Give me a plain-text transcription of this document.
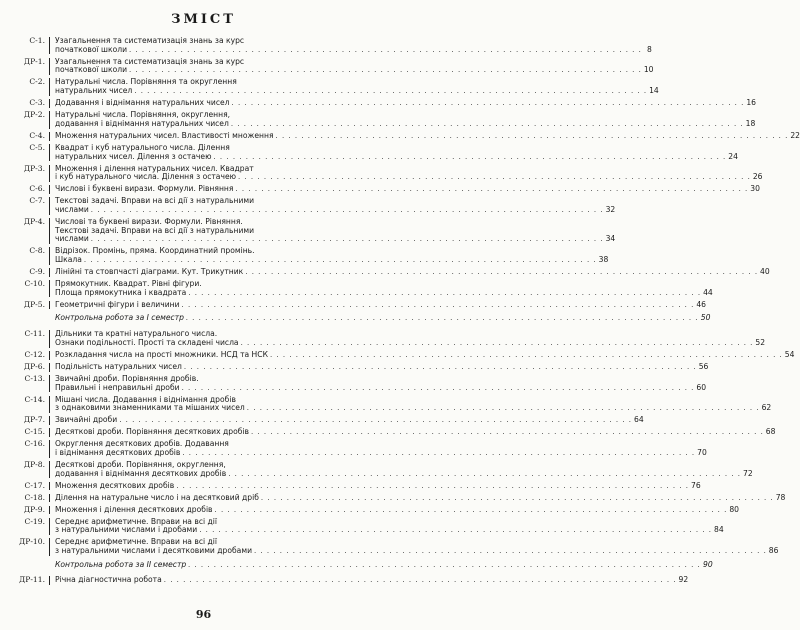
ЗМІСТ
С-1. Узагальнення та систематизація знань за курс
початкової школи . . . . . . . . . . . . . . . . . . . . . . . . . . . . . . . . . . . . . . . . . . . . . . . . . . . . . . . . . . . . . . . . . . . . . . . . . . . . . . . . 8
ДР-1. Узагальнення та систематизація знань за курс
початкової школи . . . . . . . . . . . . . . . . . . . . . . . . . . . . . . . . . . . . . . . . . . . . . . . . . . . . . . . . . . . . . . . . . . . . . . . . . . . . . . . . 10
С-2. Натуральні числа. Порівняння та округлення
натуральних чисел . . . . . . . . . . . . . . . . . . . . . . . . . . . . . . . . . . . . . . . . . . . . . . . . . . . . . . . . . . . . . . . . . . . . . . . . . . . . . . . . 14
С-3. Додавання і віднімання натуральних чисел . . . . . . . . . . . . . . . . . . . . . . . . . . . . . . . . . . . . . . . . . . . . . . . . . . . . . . . . . . . . . . . . . . . . . . . . . . . . . . . . 16
ДР-2. Натуральні числа. Порівняння, округлення,
додавання і віднімання натуральних чисел . . . . . . . . . . . . . . . . . . . . . . . . . . . . . . . . . . . . . . . . . . . . . . . . . . . . . . . . . . . . . . . . . . . . . . . . . . . . . . . . 18
С-4. Множення натуральних чисел. Властивості множення . . . . . . . . . . . . . . . . . . . . . . . . . . . . . . . . . . . . . . . . . . . . . . . . . . . . . . . . . . . . . . . . . . . . . . . . . . . . . . . . 22
С-5. Квадрат і куб натурального числа. Ділення
натуральних чисел. Ділення з остачею . . . . . . . . . . . . . . . . . . . . . . . . . . . . . . . . . . . . . . . . . . . . . . . . . . . . . . . . . . . . . . . . . . . . . . . . . . . . . . . . 24
ДР-3. Множення і ділення натуральних чисел. Квадрат
і куб натурального числа. Ділення з остачею . . . . . . . . . . . . . . . . . . . . . . . . . . . . . . . . . . . . . . . . . . . . . . . . . . . . . . . . . . . . . . . . . . . . . . . . . . . . . . . . 26
С-6. Числові і буквені вирази. Формули. Рівняння . . . . . . . . . . . . . . . . . . . . . . . . . . . . . . . . . . . . . . . . . . . . . . . . . . . . . . . . . . . . . . . . . . . . . . . . . . . . . . . . 30
С-7. Текстові задачі. Вправи на всі дії з натуральними
числами . . . . . . . . . . . . . . . . . . . . . . . . . . . . . . . . . . . . . . . . . . . . . . . . . . . . . . . . . . . . . . . . . . . . . . . . . . . . . . . . 32
ДР-4. Числові та буквені вирази. Формули. Рівняння.
Текстові задачі. Вправи на всі дії з натуральними
числами . . . . . . . . . . . . . . . . . . . . . . . . . . . . . . . . . . . . . . . . . . . . . . . . . . . . . . . . . . . . . . . . . . . . . . . . . . . . . . . . 34
С-8. Відрізок. Промінь, пряма. Координатний промінь.
Шкала . . . . . . . . . . . . . . . . . . . . . . . . . . . . . . . . . . . . . . . . . . . . . . . . . . . . . . . . . . . . . . . . . . . . . . . . . . . . . . . . 38
С-9. Лінійні та стовпчасті діаграми. Кут. Трикутник . . . . . . . . . . . . . . . . . . . . . . . . . . . . . . . . . . . . . . . . . . . . . . . . . . . . . . . . . . . . . . . . . . . . . . . . . . . . . . . . 40
С-10. Прямокутник. Квадрат. Рівні фігури.
Площа прямокутника і квадрата . . . . . . . . . . . . . . . . . . . . . . . . . . . . . . . . . . . . . . . . . . . . . . . . . . . . . . . . . . . . . . . . . . . . . . . . . . . . . . . . 44
ДР-5. Геометричні фігури і величини . . . . . . . . . . . . . . . . . . . . . . . . . . . . . . . . . . . . . . . . . . . . . . . . . . . . . . . . . . . . . . . . . . . . . . . . . . . . . . . . 46
Контрольна робота за I семестр . . . . . . . . . . . . . . . . . . . . . . . . . . . . . . . . . . . . . . . . . . . . . . . . . . . . . . . . . . . . . . . . . . . . . . . . . . . . . . . . 50
С-11. Дільники та кратні натурального числа.
Ознаки подільності. Прості та складені числа . . . . . . . . . . . . . . . . . . . . . . . . . . . . . . . . . . . . . . . . . . . . . . . . . . . . . . . . . . . . . . . . . . . . . . . . . . . . . . . . 52
С-12. Розкладання числа на прості множники. НСД та НСК . . . . . . . . . . . . . . . . . . . . . . . . . . . . . . . . . . . . . . . . . . . . . . . . . . . . . . . . . . . . . . . . . . . . . . . . . . . . . . . . 54
ДР-6. Подільність натуральних чисел . . . . . . . . . . . . . . . . . . . . . . . . . . . . . . . . . . . . . . . . . . . . . . . . . . . . . . . . . . . . . . . . . . . . . . . . . . . . . . . . 56
С-13. Звичайні дроби. Порівняння дробів.
Правильні і неправильні дроби . . . . . . . . . . . . . . . . . . . . . . . . . . . . . . . . . . . . . . . . . . . . . . . . . . . . . . . . . . . . . . . . . . . . . . . . . . . . . . . . 60
С-14. Мішані числа. Додавання і віднімання дробів
з однаковими знаменниками та мішаних чисел . . . . . . . . . . . . . . . . . . . . . . . . . . . . . . . . . . . . . . . . . . . . . . . . . . . . . . . . . . . . . . . . . . . . . . . . . . . . . . . . 62
ДР-7. Звичайні дроби . . . . . . . . . . . . . . . . . . . . . . . . . . . . . . . . . . . . . . . . . . . . . . . . . . . . . . . . . . . . . . . . . . . . . . . . . . . . . . . . 64
С-15. Десяткові дроби. Порівняння десяткових дробів . . . . . . . . . . . . . . . . . . . . . . . . . . . . . . . . . . . . . . . . . . . . . . . . . . . . . . . . . . . . . . . . . . . . . . . . . . . . . . . . 68
С-16. Округлення десяткових дробів. Додавання
і віднімання десяткових дробів . . . . . . . . . . . . . . . . . . . . . . . . . . . . . . . . . . . . . . . . . . . . . . . . . . . . . . . . . . . . . . . . . . . . . . . . . . . . . . . . 70
ДР-8. Десяткові дроби. Порівняння, округлення,
додавання і віднімання десяткових дробів . . . . . . . . . . . . . . . . . . . . . . . . . . . . . . . . . . . . . . . . . . . . . . . . . . . . . . . . . . . . . . . . . . . . . . . . . . . . . . . . 72
С-17. Множення десяткових дробів . . . . . . . . . . . . . . . . . . . . . . . . . . . . . . . . . . . . . . . . . . . . . . . . . . . . . . . . . . . . . . . . . . . . . . . . . . . . . . . . 76
С-18. Ділення на натуральне число і на десятковий дріб . . . . . . . . . . . . . . . . . . . . . . . . . . . . . . . . . . . . . . . . . . . . . . . . . . . . . . . . . . . . . . . . . . . . . . . . . . . . . . . . 78
ДР-9. Множення і ділення десяткових дробів . . . . . . . . . . . . . . . . . . . . . . . . . . . . . . . . . . . . . . . . . . . . . . . . . . . . . . . . . . . . . . . . . . . . . . . . . . . . . . . . 80
С-19. Середнє арифметичне. Вправи на всі дії
з натуральними числами і дробами . . . . . . . . . . . . . . . . . . . . . . . . . . . . . . . . . . . . . . . . . . . . . . . . . . . . . . . . . . . . . . . . . . . . . . . . . . . . . . . . 84
ДР-10. Середнє арифметичне. Вправи на всі дії
з натуральними числами і десятковими дробами . . . . . . . . . . . . . . . . . . . . . . . . . . . . . . . . . . . . . . . . . . . . . . . . . . . . . . . . . . . . . . . . . . . . . . . . . . . . . . . . 86
Контрольна робота за II семестр . . . . . . . . . . . . . . . . . . . . . . . . . . . . . . . . . . . . . . . . . . . . . . . . . . . . . . . . . . . . . . . . . . . . . . . . . . . . . . . . 90
ДР-11. Річна діагностична робота . . . . . . . . . . . . . . . . . . . . . . . . . . . . . . . . . . . . . . . . . . . . . . . . . . . . . . . . . . . . . . . . . . . . . . . . . . . . . . . . 92
96
